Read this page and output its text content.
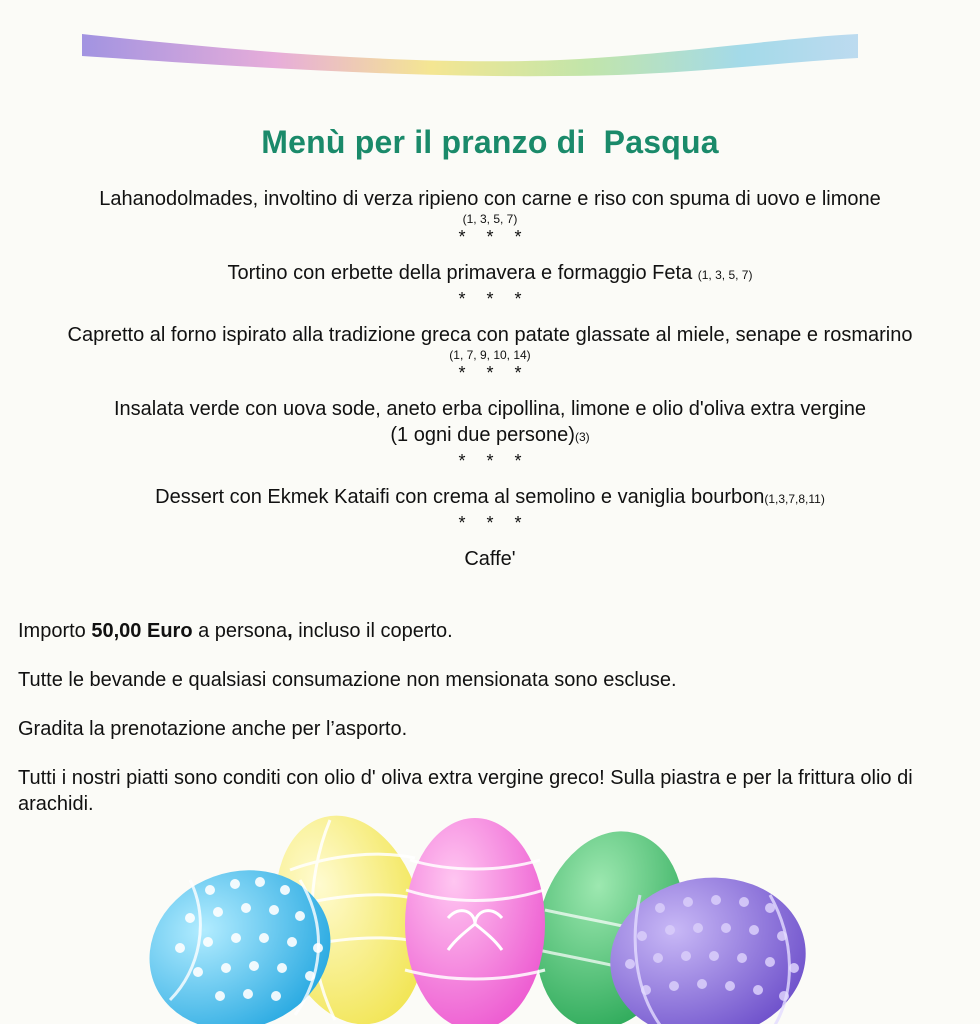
Menù per il pranzo di  Pasqua
Lahanodolmades, involtino di verza ripieno con carne e riso con spuma di uovo e limone
(1, 3, 5, 7)
* * *
Tortino con erbette della primavera e formaggio Feta (1, 3, 5, 7)
* * *
Capretto al forno ispirato alla tradizione greca con patate glassate al miele, senape e rosmarino
(1, 7, 9, 10, 14)
* * *
Insalata verde con uova sode, aneto erba cipollina, limone e olio d'oliva extra vergine
(1 ogni due persone)(3)
* * *
Dessert con Ekmek Kataifi con crema al semolino e vaniglia bourbon(1,3,7,8,11)
* * *
Caffe'

Importo 50,00 Euro a persona, incluso il coperto.

Tutte le bevande e qualsiasi consumazione non mensionata sono escluse.

Gradita la prenotazione anche per l’asporto.

Tutti i nostri piatti sono conditi con olio d' oliva extra vergine greco! Sulla piastra e per la frittura olio di arachidi.
